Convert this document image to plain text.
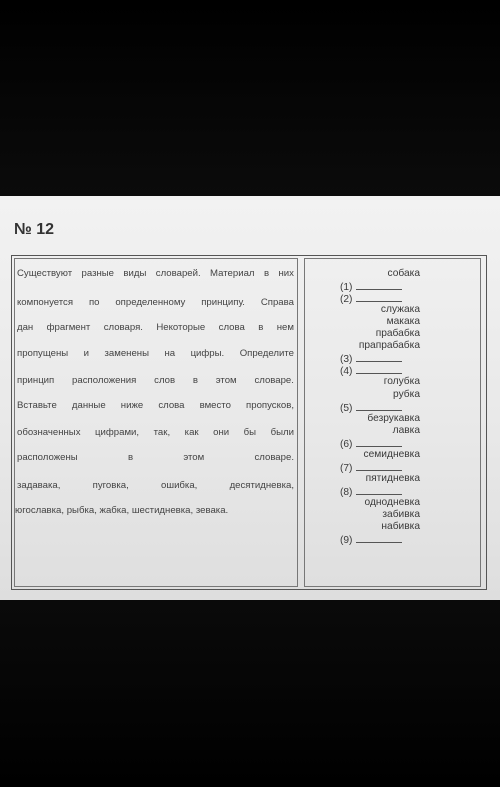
№ 12
Существуют разные виды словарей. Материал в них
компонуется по определенному принципу. Справа
дан фрагмент словаря. Некоторые слова в нем
пропущены и заменены на цифры. Определите
принцип расположения слов в этом словаре.
Вставьте данные ниже слова вместо пропусков,
обозначенных цифрами, так, как они бы были
расположены	в	этом	словаре.
задавака,	пуговка,	ошибка,	десятидневка,
югославка, рыбка, жабка, шестидневка, зевака.
собака
(1)
(2)
служака
макака
прабабка
прапрабабка
(3)
(4)
голубка
рубка
(5)
безрукавка
лавка
(6)
семидневка
(7)
пятидневка
(8)
однодневка
забивка
набивка
(9)
